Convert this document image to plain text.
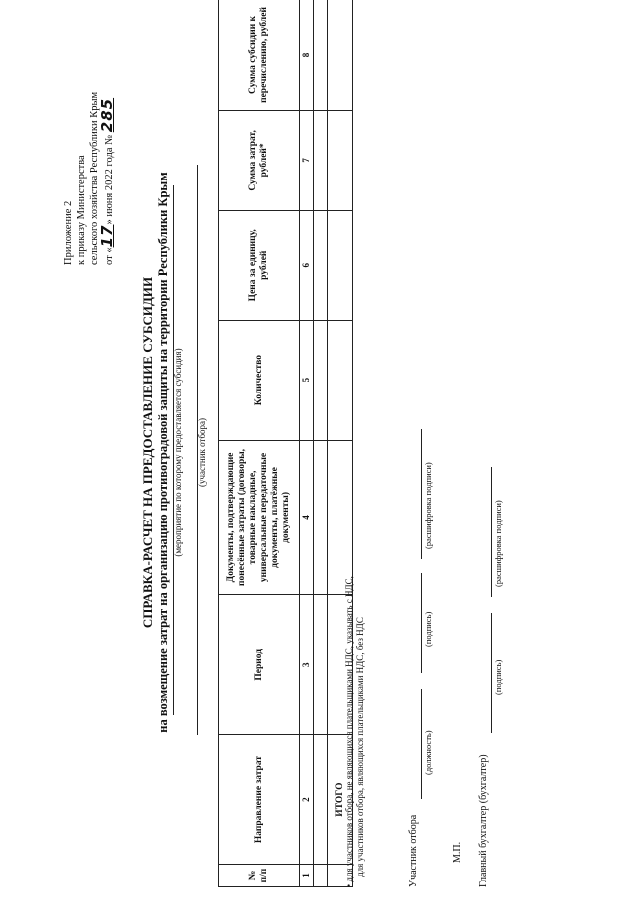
Приложение 2 к приказу Министерства сельского хозяйства Республики Крым от «17» июня 2022 года № 285
СПРАВКА-РАСЧЕТ НА ПРЕДОСТАВЛЕНИЕ СУБСИДИИ на возмещение затрат на организацию противоградовой защиты на территории Республики Крым (мероприятие по которому предоставляется субсидия) (участник отбора)
№ п/п	Направление затрат	Период	Документы, подтверждающие понесённые затраты (договоры, товарные накладные, универсальные передаточные документы, платёжные документы)	Количество	Цена за единицу, рублей	Сумма затрат, рублей*	Сумма субсидии к перечислению, рублей
1	2	3	4	5	6	7	8

	ИТОГО						• для участников отбора, не являющихся плательщиками НДС, указывать с НДС, для участников отбора, являющихся плательщиками НДС, без НДС	Участник отбора
(должность)
(подпись)
(расшифровка подписи)
М.П. Главный бухгалтер (бухгалтер)
(подпись)
(расшифровка подписи)
